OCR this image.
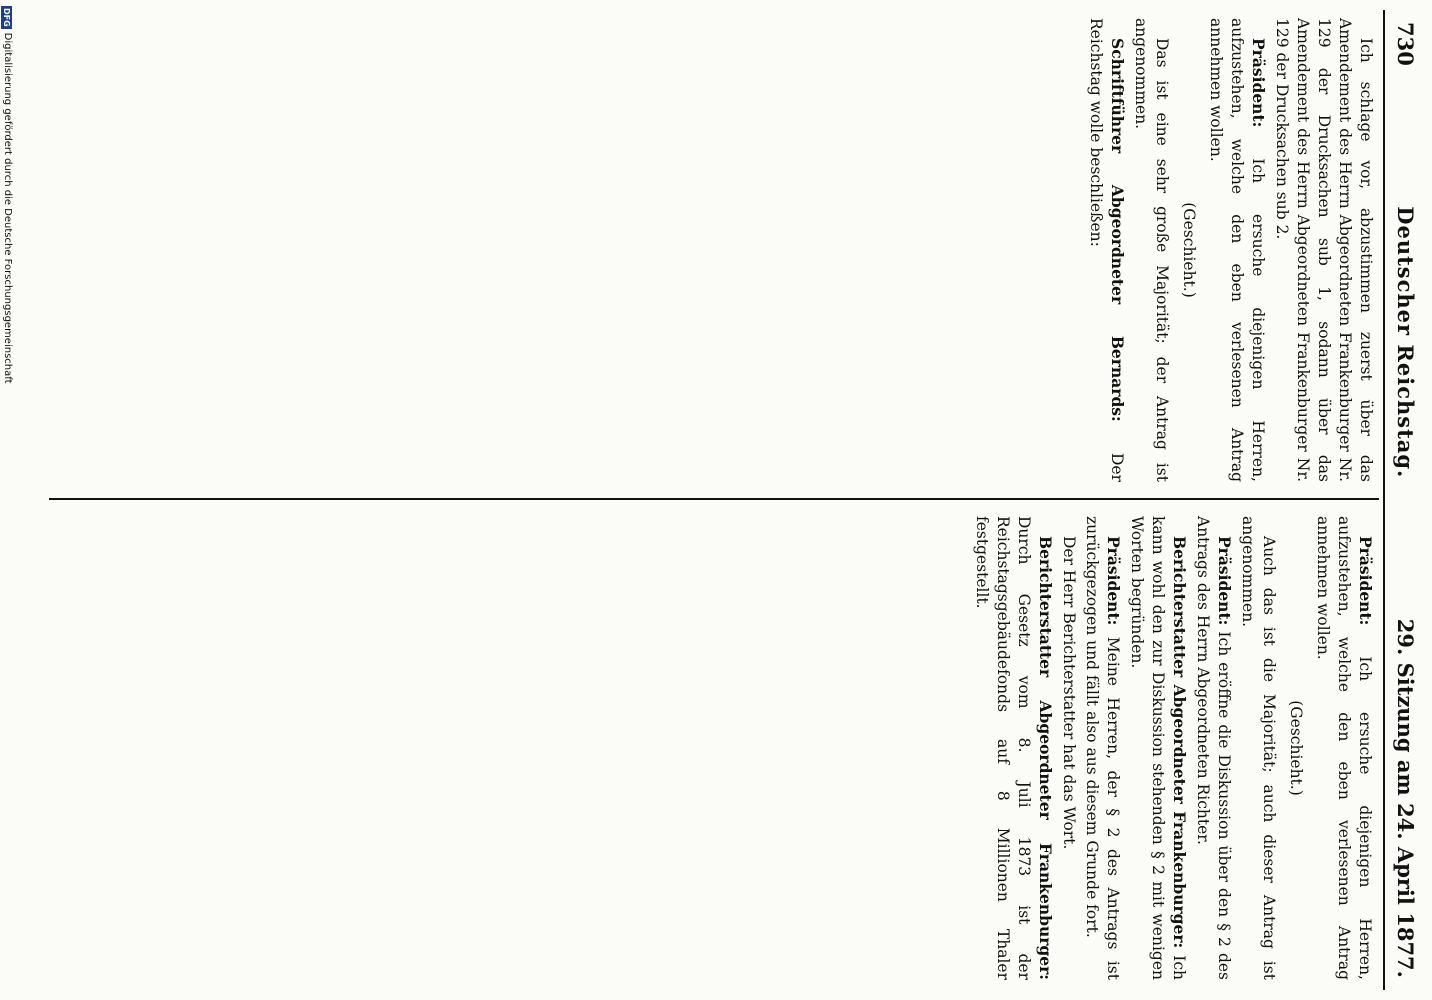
730
Deutscher Reichstag.
29. Sitzung am 24. April 1877.

Ich schlage vor, abzustimmen zuerst über das Amendement des Herrn Abgeordneten Frankenburger Nr. 129 der Drucksachen sub 1, sodann über das Amendement des Herrn Abgeordneten Frankenburger Nr. 129 der Drucksachen sub 2.

Präsident: Ich ersuche diejenigen Herren, aufzustehen, welche den eben verlesenen Antrag annehmen wollen.

(Geschieht.)

Das ist eine sehr große Majorität; der Antrag ist angenommen.

Schriftführer Abgeordneter Bernards: Der Reichstag wolle beschließen:

Präsident: Ich ersuche diejenigen Herren, aufzustehen, welche den eben verlesenen Antrag annehmen wollen.

(Geschieht.)

Auch das ist die Majorität; auch dieser Antrag ist angenommen.

Präsident: Ich eröffne die Diskussion über den § 2 des Antrags des Herrn Abgeordneten Richter.

Berichterstatter Abgeordneter Frankenburger: Ich kann wohl den zur Diskussion stehenden § 2 mit wenigen Worten begründen.

Präsident: Meine Herren, der § 2 des Antrags ist zurückgezogen und fällt also aus diesem Grunde fort.

Der Herr Berichterstatter hat das Wort.

Berichterstatter Abgeordneter Frankenburger: Durch Gesetz vom 8. Juli 1873 ist der Reichstagsgebäudefonds auf 8 Millionen Thaler festgestellt.

DFG
Digitalisierung gefördert durch die Deutsche Forschungsgemeinschaft
